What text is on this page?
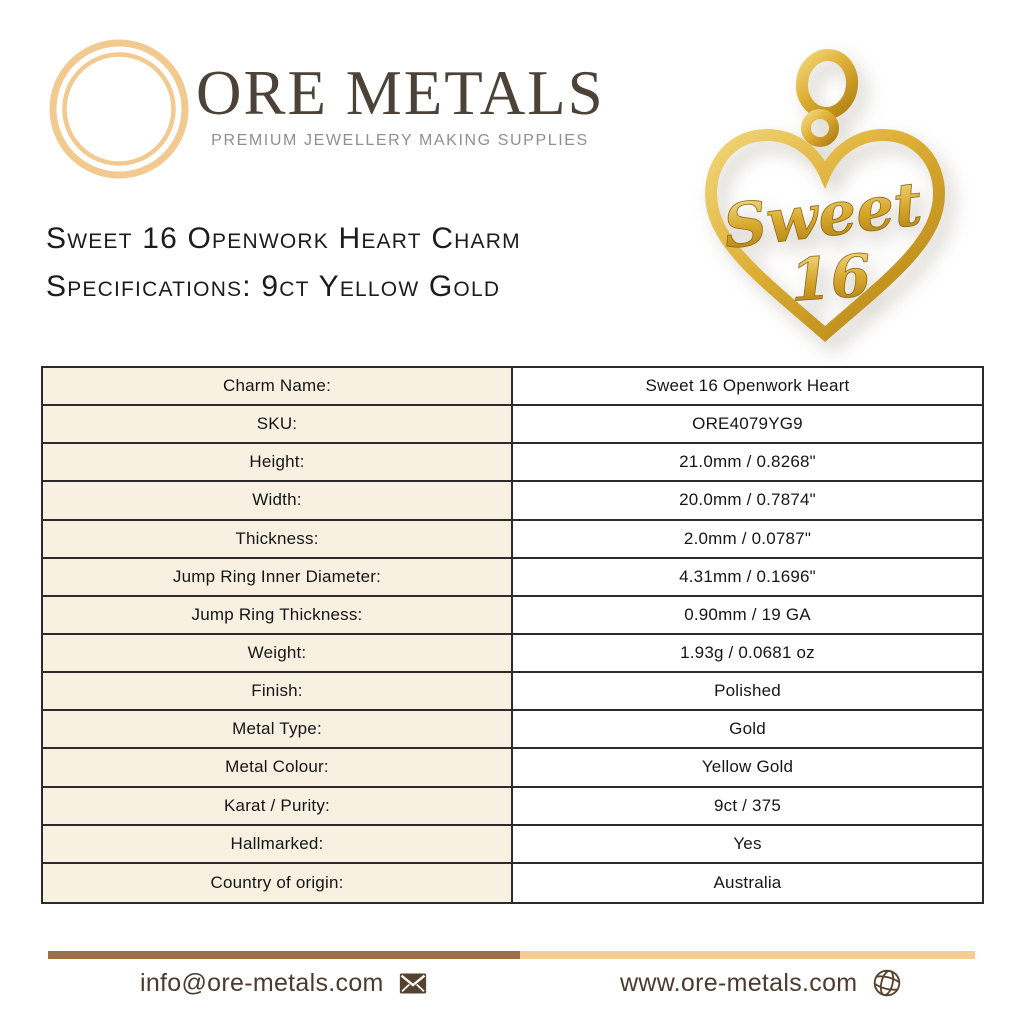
ORE METALS
PREMIUM JEWELLERY MAKING SUPPLIES
Sweet 16 Openwork Heart Charm
Specifications: 9ct Yellow Gold
Sweet
16
Charm Name:	Sweet 16 Openwork Heart
SKU:	ORE4079YG9
Height:	21.0mm / 0.8268"
Width:	20.0mm / 0.7874"
Thickness:	2.0mm / 0.0787"
Jump Ring Inner Diameter:	4.31mm / 0.1696"
Jump Ring Thickness:	0.90mm / 19 GA
Weight:	1.93g / 0.0681 oz
Finish:	Polished
Metal Type:	Gold
Metal Colour:	Yellow Gold
Karat / Purity:	9ct / 375
Hallmarked:	Yes
Country of origin:	Australia
info@ore-metals.com	www.ore-metals.com
